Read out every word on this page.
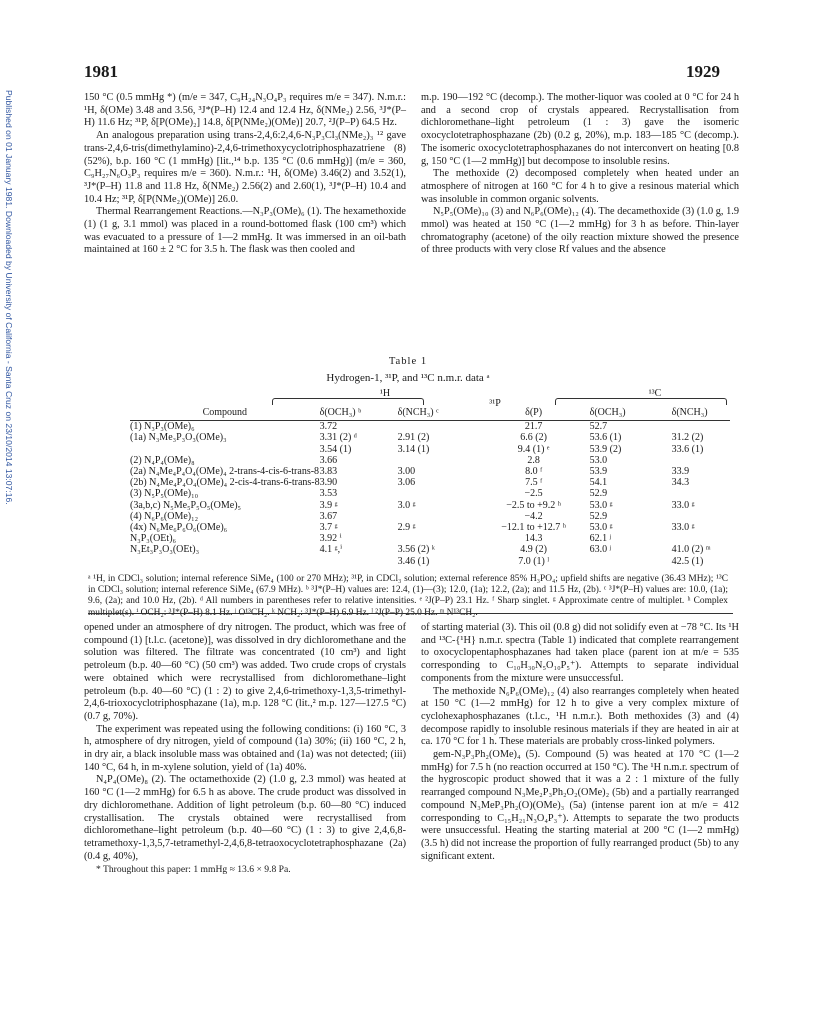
Published on 01 January 1981. Downloaded by University of California - Santa Cruz on 23/10/2014 13:07:16.
1981	1929

150 °C (0.5 mmHg *) (m/e = 347, C₉H₂₄N₃O₄P₃ requires m/e = 347). N.m.r.: ¹H, δ(OMe) 3.48 and 3.56, ³J*(P–H) 12.4 and 12.4 Hz, δ(NMe₂) 2.56, ³J*(P–H) 11.6 Hz; ³¹P, δ[P(OMe)₂] 14.8, δ[P(NMe₂)(OMe)] 20.7, ²J(P–P) 64.5 Hz.

An analogous preparation using trans-2,4,6:2,4,6-N₃P₃Cl₃(NMe₂)₃ ¹² gave trans-2,4,6-tris(dimethylamino)-2,4,6-trimethoxycyclotriphosphazatriene (8) (52%), b.p. 160 °C (1 mmHg) [lit.,¹⁴ b.p. 135 °C (0.6 mmHg)] (m/e = 360, C₉H₂₇N₆O₃P₃ requires m/e = 360). N.m.r.: ¹H, δ(OMe) 3.46(2) and 3.52(1), ³J*(P–H) 11.8 and 11.8 Hz, δ(NMe₂) 2.56(2) and 2.60(1), ³J*(P–H) 10.4 and 10.4 Hz; ³¹P, δ[P(NMe₂)(OMe)] 26.0.

Thermal Rearrangement Reactions.—N₃P₃(OMe)₆ (1). The hexamethoxide (1) (1 g, 3.1 mmol) was placed in a round-bottomed flask (100 cm³) which was evacuated to a pressure of 1—2 mmHg. It was immersed in an oil-bath maintained at 160 ± 2 °C for 3.5 h. The flask was then cooled and

m.p. 190—192 °C (decomp.). The mother-liquor was cooled at 0 °C for 24 h and a second crop of crystals appeared. Recrystallisation from dichloromethane–light petroleum (1 : 3) gave the isomeric oxocyclotetraphosphazane (2b) (0.2 g, 20%), m.p. 183—185 °C (decomp.). The isomeric oxocyclotetraphosphazanes do not interconvert on heating [0.8 g, 150 °C (1—2 mmHg)] but decompose to insoluble resins.

The methoxide (2) decomposed completely when heated under an atmosphere of nitrogen at 160 °C for 4 h to give a resinous material which was insoluble in common organic solvents.

N₅P₅(OMe)₁₀ (3) and N₆P₆(OMe)₁₂ (4). The decamethoxide (3) (1.0 g, 1.9 mmol) was heated at 150 °C (1—2 mmHg) for 3 h as before. Thin-layer chromatography (acetone) of the oily reaction mixture showed the presence of three products with very close Rf values and the absence

Table 1
Hydrogen-1, ³¹P, and ¹³C n.m.r. data ᵃ
¹H
³¹P
¹³C
Compound	δ(OCH₃) ᵇ	δ(NCH₃) ᶜ	δ(P)	δ(OCH₃)	δ(NCH₃)

(1) N₃P₃(OMe)₆	3.72		21.7	52.7	
(1a) N₃Me₃P₃O₃(OMe)₃	3.31 (2) ᵈ	2.91 (2)	6.6 (2)	53.6 (1)	31.2 (2)
	3.54 (1)	3.14 (1)	9.4 (1) ᵉ	53.9 (2)	33.6 (1)
(2) N₄P₄(OMe)₈	3.66		2.8	53.0	
(2a) N₄Me₄P₄O₄(OMe)₄ 2-trans-4-cis-6-trans-8	3.83	3.00	8.0 ᶠ	53.9	33.9
(2b) N₄Me₄P₄O₄(OMe)₄ 2-cis-4-trans-6-trans-8	3.90	3.06	7.5 ᶠ	54.1	34.3
(3) N₅P₅(OMe)₁₀	3.53		−2.5	52.9	
(3a,b,c) N₅Me₅P₅O₅(OMe)₅	3.9 ᵍ	3.0 ᵍ	−2.5 to +9.2 ʰ	53.0 ᵍ	33.0 ᵍ
(4) N₆P₆(OMe)₁₂	3.67		−4.2	52.9	
(4x) N₆Me₆P₆O₆(OMe)₆	3.7 ᵍ	2.9 ᵍ	−12.1 to +12.7 ʰ	53.0 ᵍ	33.0 ᵍ
N₃P₃(OEt)₆	3.92 ⁱ		14.3	62.1 ʲ	
N₃Et₃P₃O₃(OEt)₃	4.1 ᵍ,ⁱ	3.56 (2) ᵏ	4.9 (2)	63.0 ʲ	41.0 (2) ᵐ
		3.46 (1)	7.0 (1) ˡ		42.5 (1)
ᵃ ¹H, in CDCl₃ solution; internal reference SiMe₄ (100 or 270 MHz); ³¹P, in CDCl₃ solution; external reference 85% H₃PO₄; upfield shifts are negative (36.43 MHz); ¹³C in CDCl₃ solution; internal reference SiMe₄ (67.9 MHz). ᵇ ³J*(P–H) values are: 12.4, (1)—(3); 12.0, (1a); 12.2, (2a); and 11.5 Hz, (2b). ᶜ ³J*(P–H) values are: 10.0, (1a); 9.6, (2a); and 10.0 Hz, (2b). ᵈ All numbers in parentheses refer to relative intensities. ᵉ ²J(P–P) 23.1 Hz. ᶠ Sharp singlet. ᵍ Approximate centre of multiplet. ʰ Complex multiplet(s). ⁱ OCH₂: ³J*(P–H) 8.1 Hz. ʲ O¹³CH₂. ᵏ NCH₂: ³J*(P–H) 6.9 Hz. ˡ ²J(P–P) 25.0 Hz. ᵐ N¹³CH₂.

opened under an atmosphere of dry nitrogen. The product, which was free of compound (1) [t.l.c. (acetone)], was dissolved in dry dichloromethane and the solution was filtered. The filtrate was concentrated (10 cm³) and light petroleum (b.p. 40—60 °C) (50 cm³) was added. Two crude crops of crystals were obtained which were recrystallised from dichloromethane–light petroleum (b.p. 40—60 °C) (1 : 2) to give 2,4,6-trimethoxy-1,3,5-trimethyl-2,4,6-trioxocyclotriphosphazane (1a), m.p. 128 °C (lit.,² m.p. 127—127.5 °C) (0.7 g, 70%).

The experiment was repeated using the following conditions: (i) 160 °C, 3 h, atmosphere of dry nitrogen, yield of compound (1a) 30%; (ii) 160 °C, 2 h, in dry air, a black insoluble mass was obtained and (1a) was not detected; (iii) 140 °C, 64 h, in m-xylene solution, yield of (1a) 40%.

N₄P₄(OMe)₈ (2). The octamethoxide (2) (1.0 g, 2.3 mmol) was heated at 160 °C (1—2 mmHg) for 6.5 h as above. The crude product was dissolved in dry dichloromethane. Addition of light petroleum (b.p. 60—80 °C) induced crystallisation. The crystals obtained were recrystallised from dichloromethane–light petroleum (b.p. 40—60 °C) (1 : 3) to give 2,4,6,8-tetramethoxy-1,3,5,7-tetramethyl-2,4,6,8-tetraoxocyclotetraphosphazane (2a) (0.4 g, 40%),

* Throughout this paper: 1 mmHg ≈ 13.6 × 9.8 Pa.

of starting material (3). This oil (0.8 g) did not solidify even at −78 °C. Its ¹H and ¹³C-{¹H} n.m.r. spectra (Table 1) indicated that complete rearrangement to oxocyclopentaphosphazanes had taken place (parent ion at m/e = 535 corresponding to C₁₀H₃₀N₅O₁₀P₅⁺). Attempts to separate individual components from the mixture were unsuccessful.

The methoxide N₆P₆(OMe)₁₂ (4) also rearranges completely when heated at 150 °C (1—2 mmHg) for 12 h to give a very complex mixture of cyclohexaphosphazanes (t.l.c., ¹H n.m.r.). Both methoxides (3) and (4) decompose rapidly to insoluble resinous materials if they are heated in air at ca. 170 °C for 1 h. These materials are probably cross-linked polymers.

gem-N₃P₃Ph₂(OMe)₄ (5). Compound (5) was heated at 170 °C (1—2 mmHg) for 7.5 h (no reaction occurred at 150 °C). The ¹H n.m.r. spectrum of the hygroscopic product showed that it was a 2 : 1 mixture of the fully rearranged compound N₃Me₂P₃Ph₂O₂(OMe)₂ (5b) and a partially rearranged compound N₃MeP₃Ph₂(O)(OMe)₃ (5a) (intense parent ion at m/e = 412 corresponding to C₁₅H₂₁N₃O₄P₃⁺). Attempts to separate the two products were unsuccessful. Heating the starting material at 200 °C (1—2 mmHg) (3.5 h) did not increase the proportion of fully rearranged product (5b) to any significant extent.
